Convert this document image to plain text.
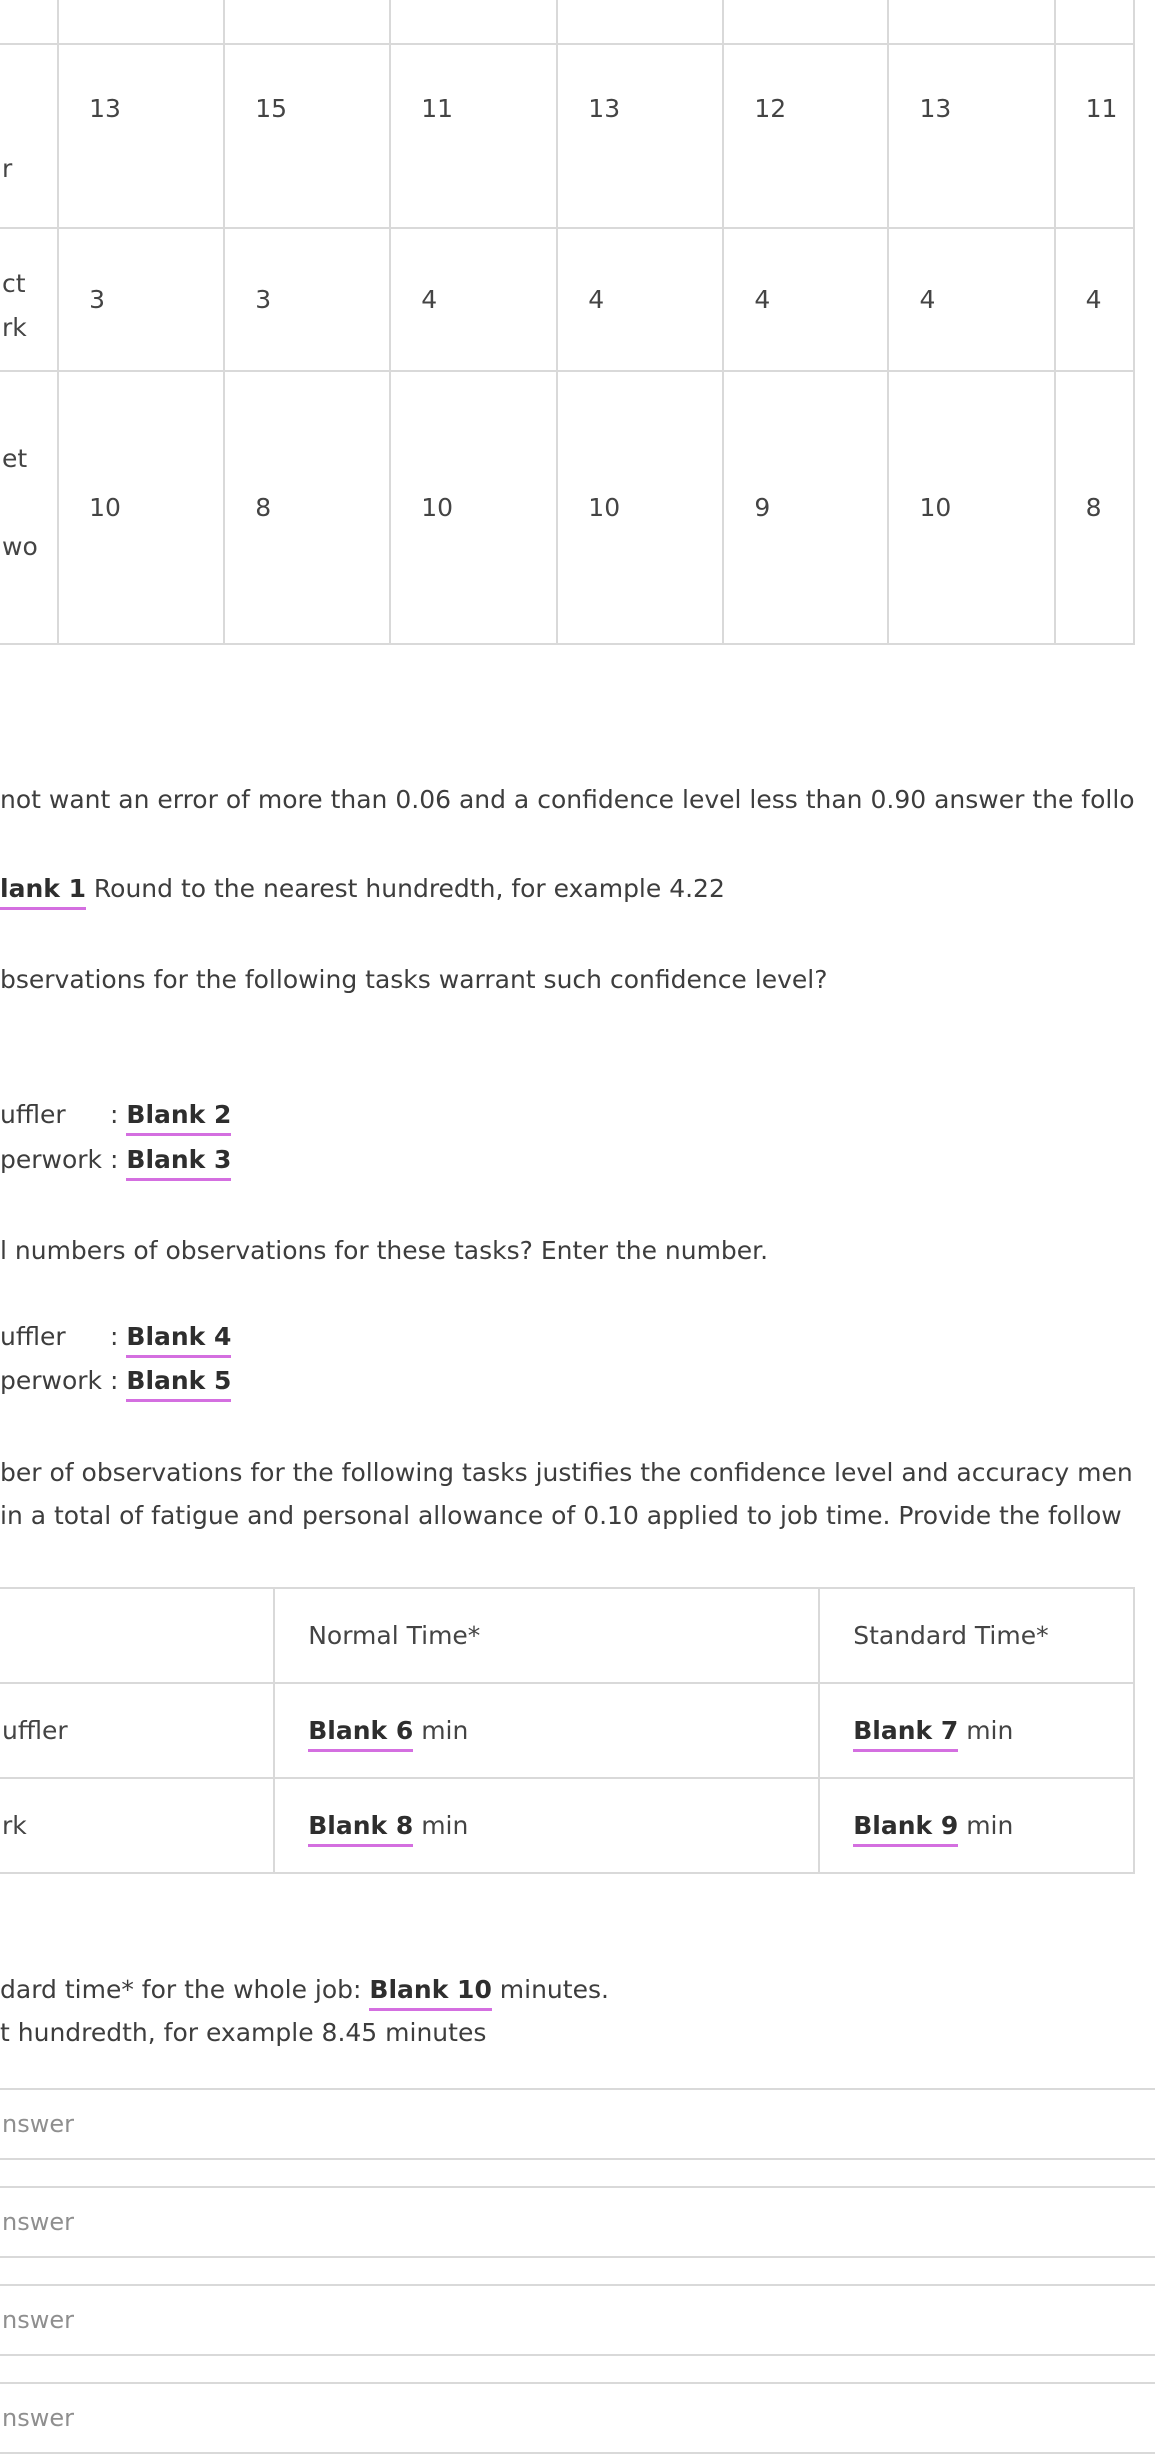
r	13	15	11	13	12	13	11

ct
rk	3	3	4	4	4	4	4

et
wo	10	8	10	10	9	10	8
not want an error of more than 0.06 and a confidence level less than 0.90 answer the follo
lank 1 Round to the nearest hundredth, for example 4.22
bservations for the following tasks warrant such confidence level?
uffler : Blank 2
perwork : Blank 3
l numbers of observations for these tasks? Enter the number.
uffler : Blank 4
perwork : Blank 5
ber of observations for the following tasks justifies the confidence level and accuracy men
in a total of fatigue and personal allowance of 0.10 applied to job time. Provide the follow
	Normal Time*	Standard Time*
uffler	Blank 6 min	Blank 7 min
rk	Blank 8 min	Blank 9 min
dard time* for the whole job: Blank 10 minutes.
t hundredth, for example 8.45 minutes
nswer
nswer
nswer
nswer
